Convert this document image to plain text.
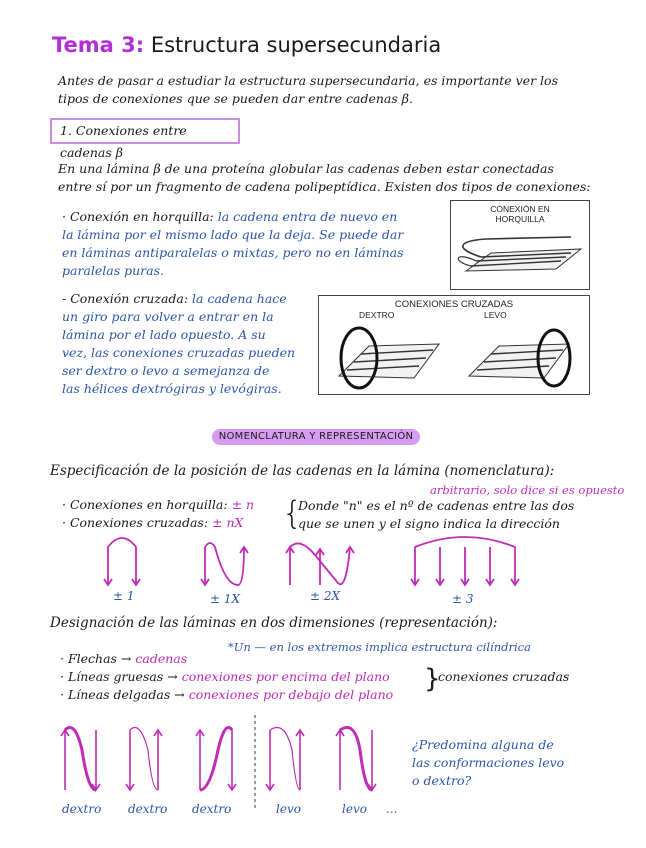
Tema 3: Estructura supersecundaria
Antes de pasar a estudiar la estructura supersecundaria, es importante ver los
tipos de conexiones que se pueden dar entre cadenas β.
1. Conexiones entre cadenas β
En una lámina β de una proteína globular las cadenas deben estar conectadas
entre sí por un fragmento de cadena polipeptídica. Existen dos tipos de conexiones:
· Conexión en horquilla: la cadena entra de nuevo en
la lámina por el mismo lado que la deja. Se puede dar
en láminas antiparalelas o mixtas, pero no en láminas
paralelas puras.
CONEXIÓN EN
HORQUILLA
- Conexión cruzada: la cadena hace
un giro para volver a entrar en la
lámina por el lado opuesto. A su
vez, las conexiones cruzadas pueden
ser dextro o levo a semejanza de
las hélices dextrógiras y levógiras.
CONEXIONES CRUZADAS
DEXTRO	LEVO
NOMENCLATURA Y REPRESENTACIÓN
Especificación de la posición de las cadenas en la lámina (nomenclatura):
arbitrario, solo dice si es opuesto
· Conexiones en horquilla: ± n
· Conexiones cruzadas: ± nX	{
Donde "n" es el nº de cadenas entre las dos
que se unen y el signo indica la dirección
± 1	± 1X	± 2X	± 3
Designación de las láminas en dos dimensiones (representación):
*Un — en los extremos implica estructura cilíndrica
· Flechas → cadenas
· Líneas gruesas → conexiones por encima del plano
· Líneas delgadas → conexiones por debajo del plano
}
conexiones cruzadas
¿Predomina alguna de
las conformaciones levo
o dextro?
dextro dextro dextro	levo	levo ...
